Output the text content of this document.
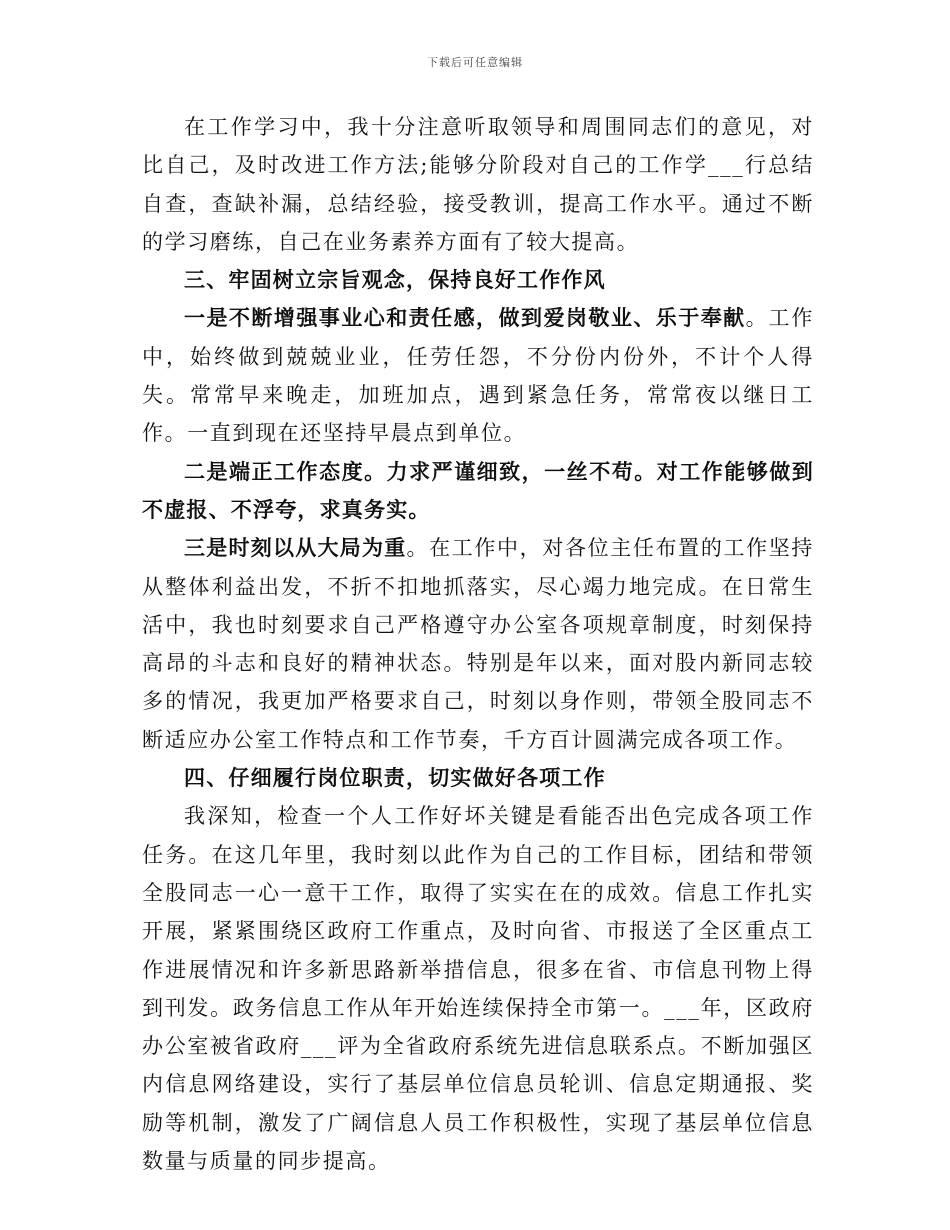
下载后可任意编辑

在工作学习中，我十分注意听取领导和周围同志们的意见，对比自己，及时改进工作方法;能够分阶段对自己的工作学___行总结自查，查缺补漏，总结经验，接受教训，提高工作水平。通过不断的学习磨练，自己在业务素养方面有了较大提高。

三、牢固树立宗旨观念，保持良好工作作风

一是不断增强事业心和责任感，做到爱岗敬业、乐于奉献。工作中，始终做到兢兢业业，任劳任怨，不分份内份外，不计个人得失。常常早来晚走，加班加点，遇到紧急任务，常常夜以继日工作。一直到现在还坚持早晨点到单位。

二是端正工作态度。力求严谨细致，一丝不苟。对工作能够做到不虚报、不浮夸，求真务实。

三是时刻以从大局为重。在工作中，对各位主任布置的工作坚持从整体利益出发，不折不扣地抓落实，尽心竭力地完成。在日常生活中，我也时刻要求自己严格遵守办公室各项规章制度，时刻保持高昂的斗志和良好的精神状态。特别是年以来，面对股内新同志较多的情况，我更加严格要求自己，时刻以身作则，带领全股同志不断适应办公室工作特点和工作节奏，千方百计圆满完成各项工作。

四、仔细履行岗位职责，切实做好各项工作

我深知，检查一个人工作好坏关键是看能否出色完成各项工作任务。在这几年里，我时刻以此作为自己的工作目标，团结和带领全股同志一心一意干工作，取得了实实在在的成效。信息工作扎实开展，紧紧围绕区政府工作重点，及时向省、市报送了全区重点工作进展情况和许多新思路新举措信息，很多在省、市信息刊物上得到刊发。政务信息工作从年开始连续保持全市第一。___年，区政府办公室被省政府___评为全省政府系统先进信息联系点。不断加强区内信息网络建设，实行了基层单位信息员轮训、信息定期通报、奖励等机制，激发了广阔信息人员工作积极性，实现了基层单位信息数量与质量的同步提高。
